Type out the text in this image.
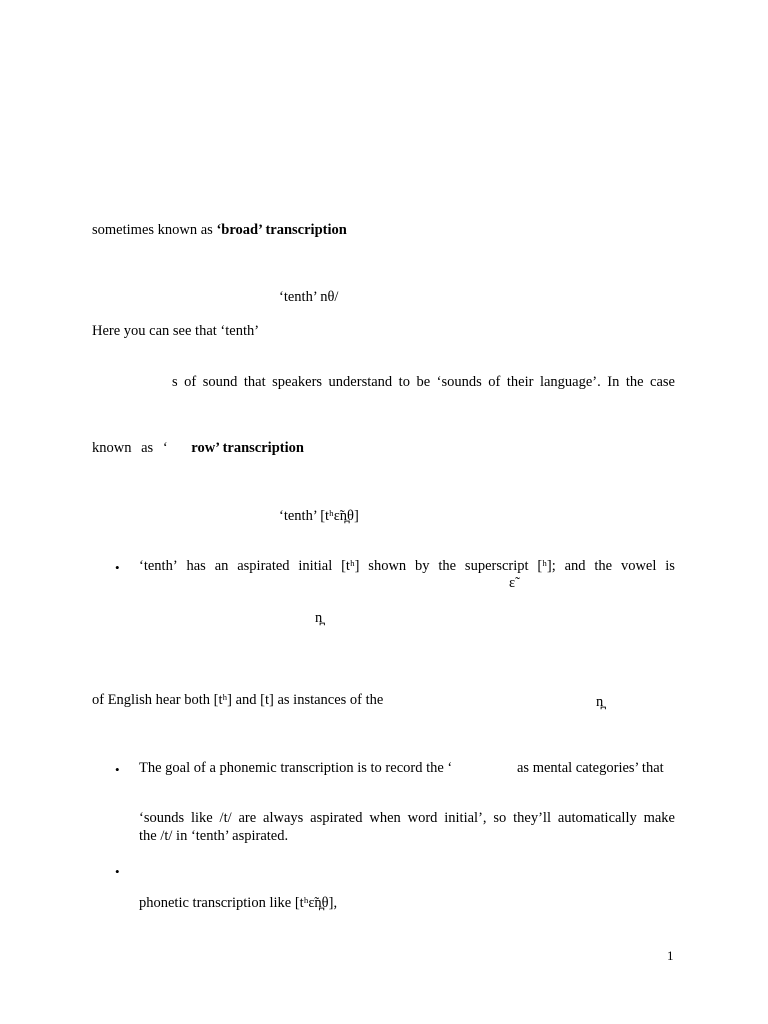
sometimes known as ‘broad’ transcription
‘tenth’ nθ/
Here you can see that ‘tenth’
s of sound that speakers understand to be ‘sounds of their language’. In the case
known as ‘ row’ transcription
‘tenth’ [tʰɛ̃n̪θ]
• ‘tenth’ has an aspirated initial [tʰ] shown by the superscript [ʰ]; and the vowel is
ɛ̃
n̪
of English hear both [tʰ] and [t] as instances of the	n̪
• The goal of a phonemic transcription is to record the ‘	as mental categories’ that
‘sounds like /t/ are always aspirated when word initial’, so they’ll automatically make
the /t/ in ‘tenth’ aspirated.
•
phonetic transcription like [tʰɛ̃n̪θ],
1
